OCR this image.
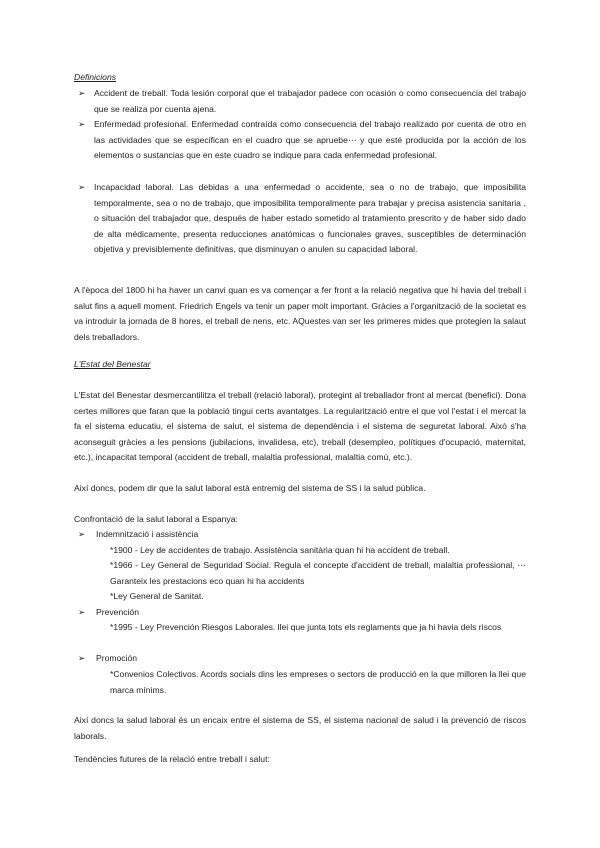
Definicions
➢	Accident de treball. Toda lesión corporal que el trabajador padece con ocasión o como consecuencia del trabajo que se realiza por cuenta ajena.
➢	Enfermedad profesional. Enfermedad contraída como consecuencia del trabajo realizado por cuenta de otro en las actividades que se especifican en el cuadro que se apruebe⋯ y que esté producida por la acción de los elementos o sustancias que en este cuadro se indique para cada enfermedad profesional.
➢	Incapacidad laboral. Las debidas a una enfermedad o accidente, sea o no de trabajo, que imposibilita temporalmente, sea o no de trabajo, que imposibilita temporalmente para trabajar y precisa asistencia sanitaria , o situación del trabajador que, después de haber estado sometido al tratamiento prescrito y de haber sido dado de alta médicamente, presenta reducciones anatómicas o funcionales graves, susceptibles de determinación objetiva y previsiblemente definitivas, que disminuyan o anulen su capacidad laboral.

A l'època del 1800 hi ha haver un canvi quan es va començar a fer front a la relació negativa que hi havia del treball i salut fins a aquell moment. Friedrich Engels va tenir un paper molt important. Gràcies a l'organització de la societat es va introduir la jornada de 8 hores, el treball de nens, etc. AQuestes van ser les primeres mides que protegien la salaut dels treballadors.

L'Estat del Benestar

L'Estat del Benestar desmercantilitza el treball (relació laboral), protegint al treballador front al mercat (benefici). Dona certes millores que faran que la població tingui certs avantatges. La regularització entre el que vol l'estat i el mercat la fa el sistema educatiu, el sistema de salut, el sistema de dependència i el sistema de seguretat laboral. Això s'ha aconseguit gràcies a les pensions (jubilacions, invalidesa, etc), treball (desempleo, polítiques d'ocupació, maternitat, etc.), incapacitat temporal (accident de treball, malaltia professional, malaltia comú, etc.).

Així doncs, podem dir que la salut laboral està entremig del sistema de SS i la salud pública.

Confrontació de la salut laboral a Espanya:

➢ Indemnització i assistència
*1900 - Ley de accidentes de trabajo. Assistència sanitària quan hi ha accident de treball.
*1966 - Ley General de Seguridad Social. Regula el concepte d'accident de treball, malaltia professional, ⋯ Garanteix les prestacions eco quan hi ha accidents
*Ley General de Sanitat.
➢ Prevención
*1995 - Ley Prevención Riesgos Laborales. llei que junta tots els reglaments que ja hi havia dels riscos
➢ Promoción
*Convenios Colectivos. Acords socials dins les empreses o sectors de producció en la que milloren la llei que marca mínims.

Així doncs la salud laboral és un encaix entre el sistema de SS, el sistema nacional de salud i la prevenció de riscos laborals.

Tendències futures de la relació entre treball i salut:
